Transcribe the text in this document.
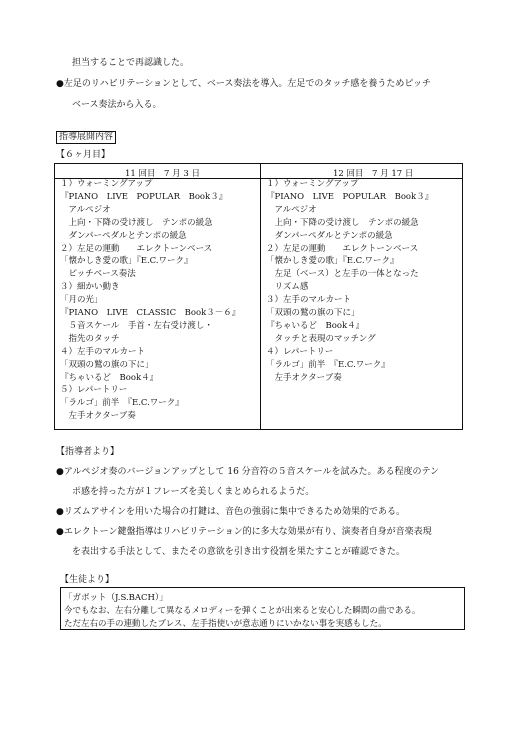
担当することで再認識した。
●左足のリハビリテーションとして、ベース奏法を導入。左足でのタッチ感を養うためピッチ
ベース奏法から入る。
指導展開内容
【６ヶ月目】
11 回目　7 月 3 日	12 回目　7 月 17 日
１）ウォーミングアップ
『PIANO　LIVE　POPULAR　Book３』
　アルペジオ
　上向・下降の受け渡し　テンポの緩急
　ダンパーペダルとテンポの緩急
２）左足の運動　　エレクトーンベース
「懐かしき愛の歌」『E.C.ワーク』
　ピッチベース奏法
３）細かい動き
「月の光」
『PIANO　LIVE　CLASSIC　Book３－６』
　５音スケール　手首・左右受け渡し・
　指先のタッチ
４）左手のマルカート
「双頭の鷲の旗の下に」
『ちゃいるど　Book４』
５）レパートリー
「ラルゴ」前半　『E.C.ワーク』
　左手オクターブ奏
１）ウォーミングアップ
『PIANO　LIVE　POPULAR　Book３』
　アルペジオ
　上向・下降の受け渡し　テンポの緩急
　ダンパーペダルとテンポの緩急
２）左足の運動　　エレクトーンベース
「懐かしき愛の歌」『E.C.ワーク』
　左足（ベース）と左手の一体となった
　リズム感
３）左手のマルカート
「双頭の鷲の旗の下に」
『ちゃいるど　Book４』
　タッチと表現のマッチング
４）レパートリー
「ラルゴ」前半　『E.C.ワーク』
　左手オクターブ奏
【指導者より】
●アルペジオ奏のバージョンアップとして 16 分音符の５音スケールを試みた。ある程度のテン
ポ感を持った方が１フレーズを美しくまとめられるようだ。
●リズムアサインを用いた場合の打鍵は、音色の強弱に集中できるため効果的である。
●エレクトーン鍵盤指導はリハビリテーション的に多大な効果が有り、演奏者自身が音楽表現
を表出する手法として、またその意欲を引き出す役割を果たすことが確認できた。
【生徒より】
「ガボット（J.S.BACH）」
今でもなお、左右分離して異なるメロディーを弾くことが出来ると安心した瞬間の曲である。
ただ左右の手の連動したブレス、左手指使いが意志通りにいかない事を実感もした。
